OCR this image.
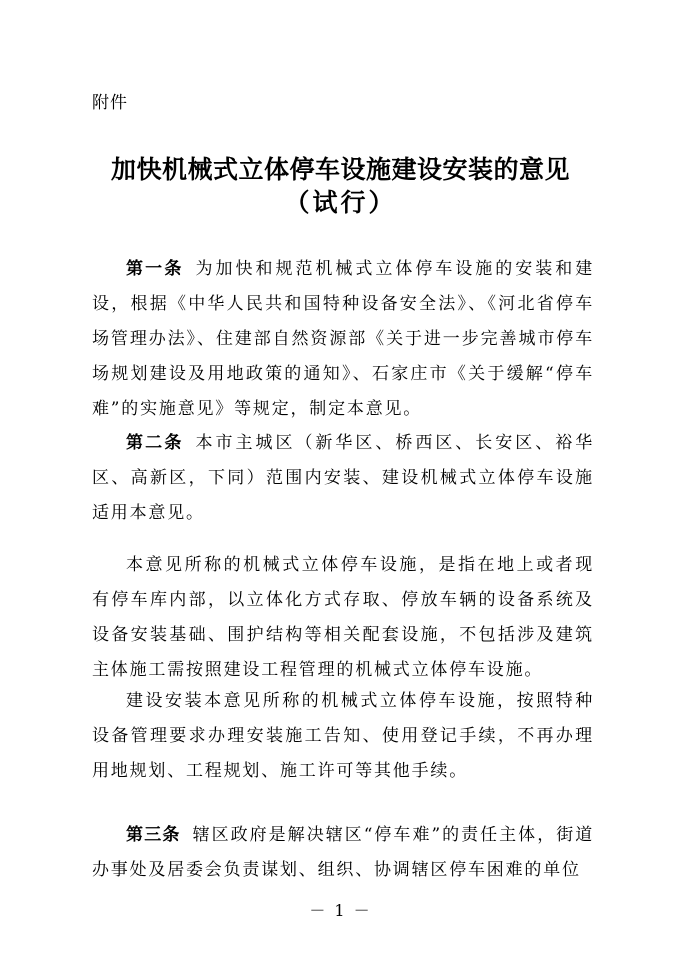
附件
加快机械式立体停车设施建设安装的意见
（试行）
第一条 为加快和规范机械式立体停车设施的安装和建设，根据《中华人民共和国特种设备安全法》、《河北省停车场管理办法》、住建部自然资源部《关于进一步完善城市停车场规划建设及用地政策的通知》、石家庄市《关于缓解“停车难”的实施意见》等规定，制定本意见。
第二条 本市主城区（新华区、桥西区、长安区、裕华区、高新区，下同）范围内安装、建设机械式立体停车设施适用本意见。
本意见所称的机械式立体停车设施，是指在地上或者现有停车库内部，以立体化方式存取、停放车辆的设备系统及设备安装基础、围护结构等相关配套设施，不包括涉及建筑主体施工需按照建设工程管理的机械式立体停车设施。
建设安装本意见所称的机械式立体停车设施，按照特种设备管理要求办理安装施工告知、使用登记手续，不再办理用地规划、工程规划、施工许可等其他手续。
第三条 辖区政府是解决辖区“停车难”的责任主体，街道办事处及居委会负责谋划、组织、协调辖区停车困难的单位
－ 1 －
